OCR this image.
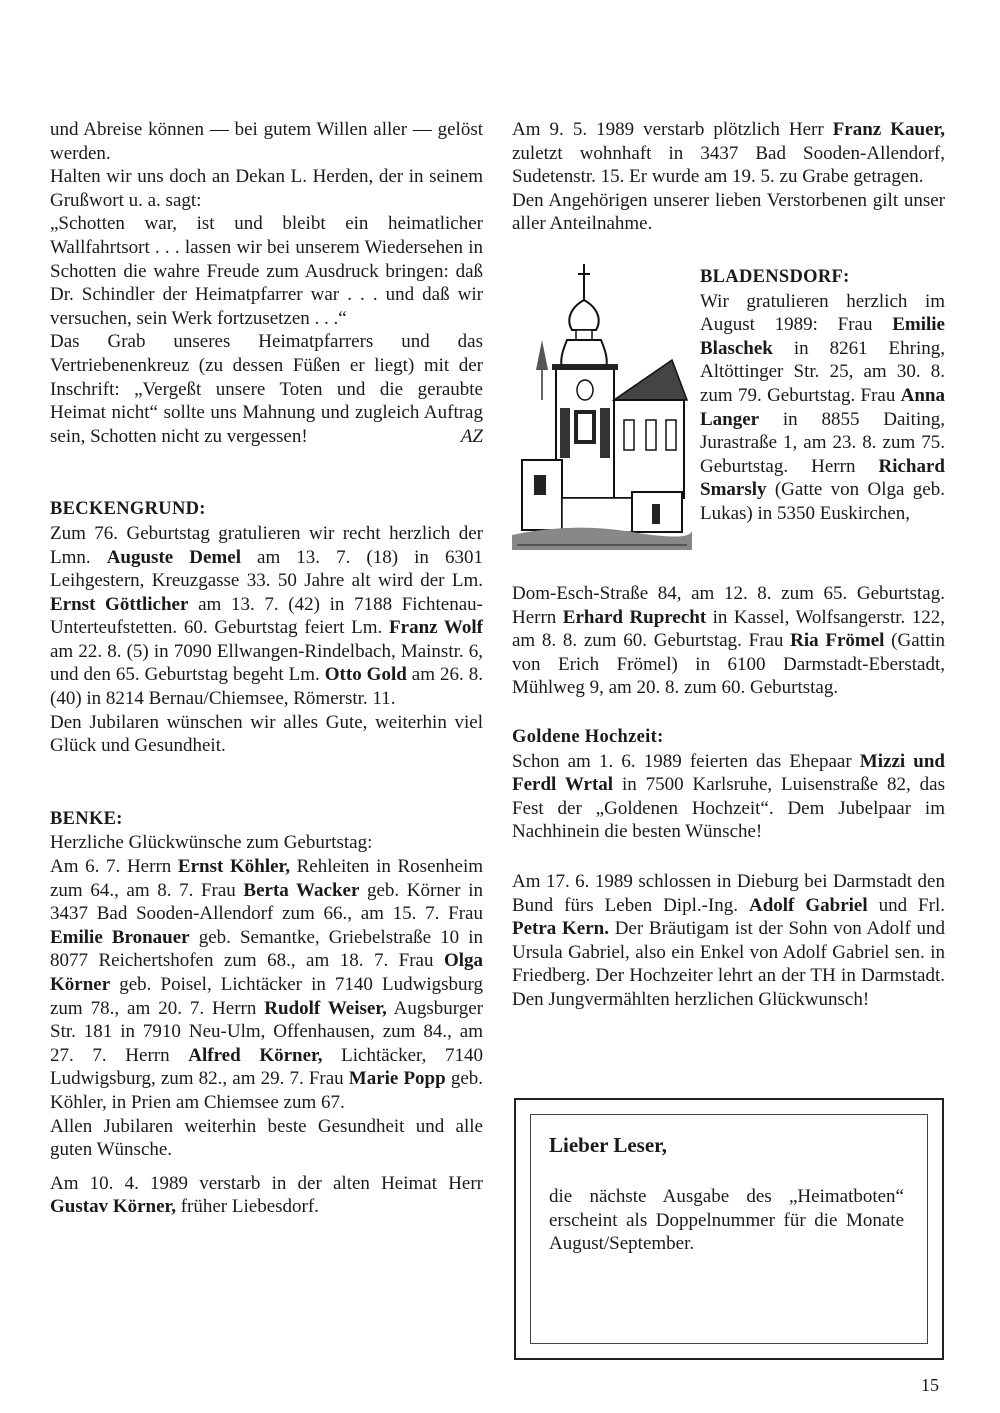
und Abreise können — bei gutem Willen aller — gelöst werden.

Halten wir uns doch an Dekan L. Herden, der in seinem Grußwort u. a. sagt:

„Schotten war, ist und bleibt ein heimatlicher Wallfahrtsort . . . lassen wir bei unserem Wiedersehen in Schotten die wahre Freude zum Ausdruck bringen: daß Dr. Schindler der Heimatpfarrer war . . . und daß wir versuchen, sein Werk fortzusetzen . . .“

Das Grab unseres Heimatpfarrers und das Vertriebenenkreuz (zu dessen Füßen er liegt) mit der Inschrift: „Vergeßt unsere Toten und die geraubte Heimat nicht“ sollte uns Mahnung und zugleich Auftrag sein, Schotten nicht zu vergessen!	AZ

BECKENGRUND:

Zum 76. Geburtstag gratulieren wir recht herzlich der Lmn. Auguste Demel am 13. 7. (18) in 6301 Leihgestern, Kreuzgasse 33. 50 Jahre alt wird der Lm. Ernst Göttlicher am 13. 7. (42) in 7188 Fichtenau-Unterteufstetten. 60. Geburtstag feiert Lm. Franz Wolf am 22. 8. (5) in 7090 Ellwangen-Rindelbach, Mainstr. 6, und den 65. Geburtstag begeht Lm. Otto Gold am 26. 8. (40) in 8214 Bernau/Chiemsee, Römerstr. 11.

Den Jubilaren wünschen wir alles Gute, weiterhin viel Glück und Gesundheit.

BENKE:

Herzliche Glückwünsche zum Geburtstag:

Am 6. 7. Herrn Ernst Köhler, Rehleiten in Rosenheim zum 64., am 8. 7. Frau Berta Wacker geb. Körner in 3437 Bad Sooden-Allendorf zum 66., am 15. 7. Frau Emilie Bronauer geb. Semantke, Griebelstraße 10 in 8077 Reichertshofen zum 68., am 18. 7. Frau Olga Körner geb. Poisel, Lichtäcker in 7140 Ludwigsburg zum 78., am 20. 7. Herrn Rudolf Weiser, Augsburger Str. 181 in 7910 Neu-Ulm, Offenhausen, zum 84., am 27. 7. Herrn Alfred Körner, Lichtäcker, 7140 Ludwigsburg, zum 82., am 29. 7. Frau Marie Popp geb. Köhler, in Prien am Chiemsee zum 67.

Allen Jubilaren weiterhin beste Gesundheit und alle guten Wünsche.

Am 10. 4. 1989 verstarb in der alten Heimat Herr Gustav Körner, früher Liebesdorf.

Am 9. 5. 1989 verstarb plötzlich Herr Franz Kauer, zuletzt wohnhaft in 3437 Bad Sooden-Allendorf, Sudetenstr. 15. Er wurde am 19. 5. zu Grabe getragen.

Den Angehörigen unserer lieben Verstorbenen gilt unser aller Anteilnahme.

BLADENSDORF:

Wir gratulieren herzlich im August 1989: Frau Emilie Blaschek in 8261 Ehring, Altöttinger Str. 25, am 30. 8. zum 79. Geburtstag. Frau Anna Langer in 8855 Daiting, Jurastraße 1, am 23. 8. zum 75. Geburtstag. Herrn Richard Smarsly (Gatte von Olga geb. Lukas) in 5350 Euskirchen,

Dom-Esch-Straße 84, am 12. 8. zum 65. Geburtstag. Herrn Erhard Ruprecht in Kassel, Wolfsangerstr. 122, am 8. 8. zum 60. Geburtstag. Frau Ria Frömel (Gattin von Erich Frömel) in 6100 Darmstadt-Eberstadt, Mühlweg 9, am 20. 8. zum 60. Geburtstag.

Goldene Hochzeit:

Schon am 1. 6. 1989 feierten das Ehepaar Mizzi und Ferdl Wrtal in 7500 Karlsruhe, Luisenstraße 82, das Fest der „Goldenen Hochzeit“. Dem Jubelpaar im Nachhinein die besten Wünsche!

Am 17. 6. 1989 schlossen in Dieburg bei Darmstadt den Bund fürs Leben Dipl.-Ing. Adolf Gabriel und Frl. Petra Kern. Der Bräutigam ist der Sohn von Adolf und Ursula Gabriel, also ein Enkel von Adolf Gabriel sen. in Friedberg. Der Hochzeiter lehrt an der TH in Darmstadt. Den Jungvermählten herzlichen Glückwunsch!

Lieber Leser,

die nächste Ausgabe des „Heimatboten“ erscheint als Doppelnummer für die Monate August/September.

15
